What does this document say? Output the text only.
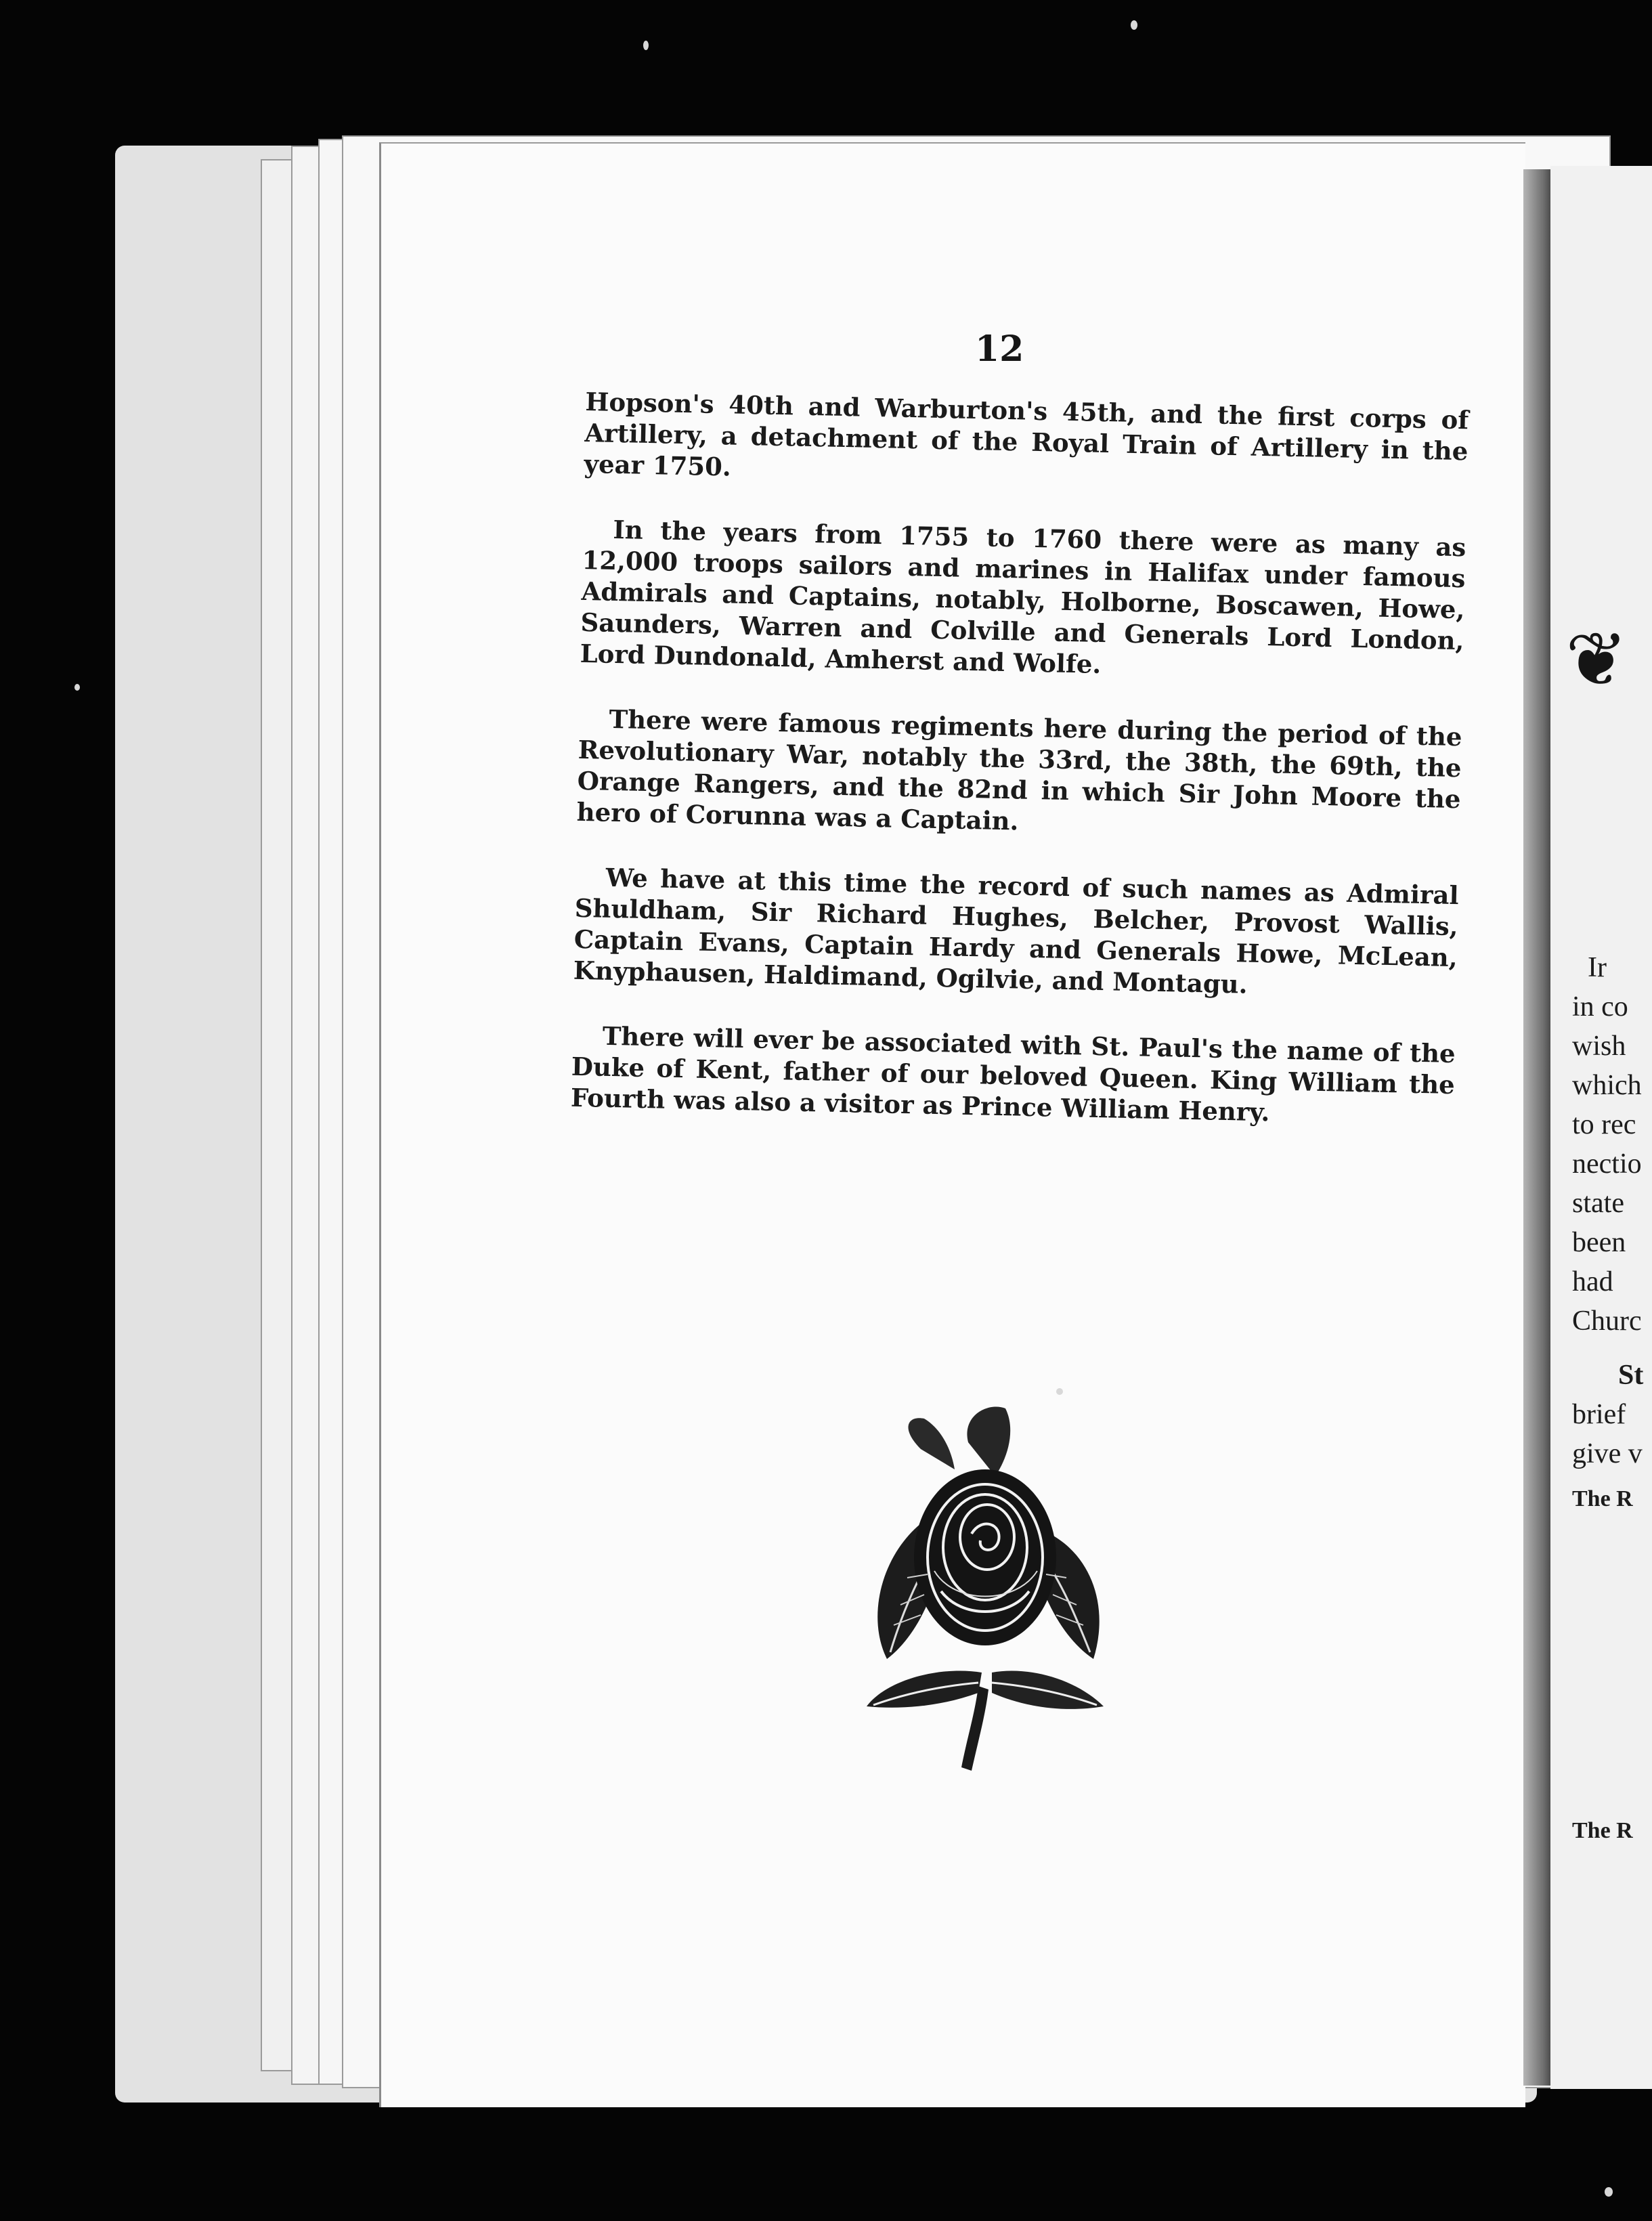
❦
Ir
in co
wish
which
to rec
nectio
state
been
had
Churc
St
brief
give v
The R
The R
12

Hopson's 40th and Warburton's 45th, and the first corps of Artillery, a detachment of the Royal Train of Artillery in the year 1750.

In the years from 1755 to 1760 there were as many as 12,000 troops sailors and marines in Halifax under famous Admirals and Captains, notably, Holborne, Boscawen, Howe, Saunders, Warren and Colville and Generals Lord London, Lord Dundonald, Amherst and Wolfe.

There were famous regiments here during the period of the Revolutionary War, notably the 33rd, the 38th, the 69th, the Orange Rangers, and the 82nd in which Sir John Moore the hero of Corunna was a Captain.

We have at this time the record of such names as Admiral Shuldham, Sir Richard Hughes, Belcher, Provost Wallis, Captain Evans, Captain Hardy and Generals Howe, McLean, Knyphausen, Haldimand, Ogilvie, and Montagu.

There will ever be associated with St. Paul's the name of the Duke of Kent, father of our beloved Queen. King William the Fourth was also a visitor as Prince William Henry.
